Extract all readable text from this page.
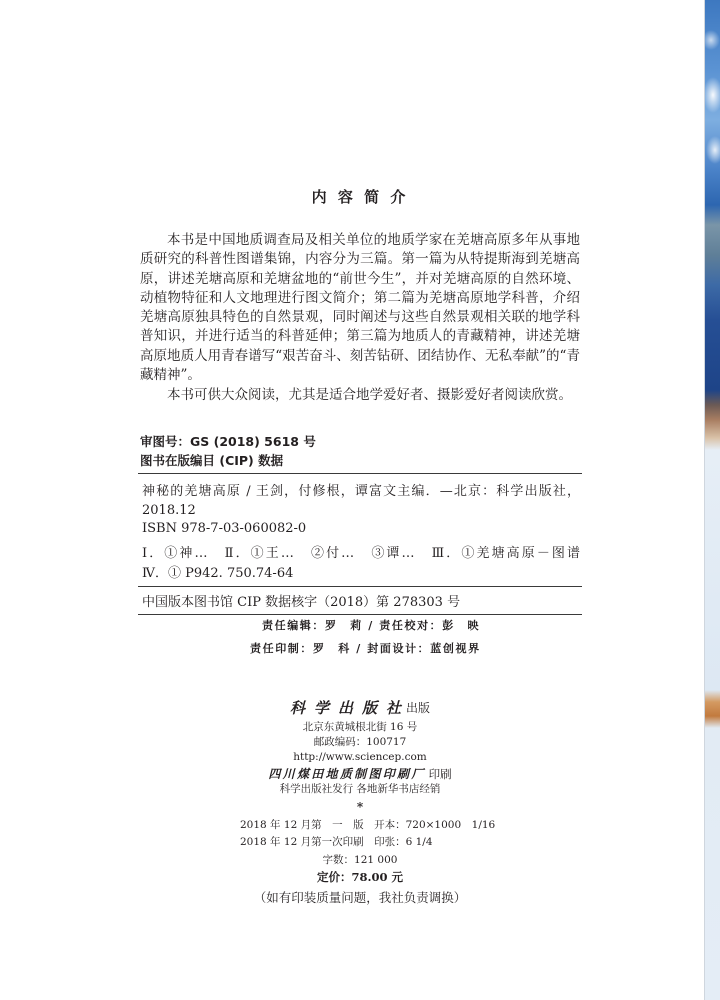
内 容 简 介
本书是中国地质调查局及相关单位的地质学家在羌塘高原多年从事地
质研究的科普性图谱集锦，内容分为三篇。第一篇为从特提斯海到羌塘高
原，讲述羌塘高原和羌塘盆地的“前世今生”，并对羌塘高原的自然环境、
动植物特征和人文地理进行图文简介；第二篇为羌塘高原地学科普，介绍
羌塘高原独具特色的自然景观，同时阐述与这些自然景观相关联的地学科
普知识，并进行适当的科普延伸；第三篇为地质人的青藏精神，讲述羌塘
高原地质人用青春谱写“艰苦奋斗、刻苦钻研、团结协作、无私奉献”的“青
藏精神”。
本书可供大众阅读，尤其是适合地学爱好者、摄影爱好者阅读欣赏。
审图号：GS (2018) 5618 号
图书在版编目 (CIP) 数据
神秘的羌塘高原 / 王剑，付修根，谭富文主编．—北京：科学出版社，
2018.12
ISBN 978-7-03-060082-0
Ⅰ．①神…　Ⅱ．①王…　②付…　③谭…　Ⅲ．①羌塘高原－图谱
Ⅳ．① P942. 750.74-64
中国版本图书馆 CIP 数据核字（2018）第 278303 号
责任编辑：罗　莉 / 责任校对：彭　映
责任印制：罗　科 / 封面设计：蓝创视界
科学出版社
出版
北京东黄城根北街 16 号
邮政编码：100717
http://www.sciencep.com
四川煤田地质制图印刷厂 印刷
科学出版社发行 各地新华书店经销
*
2018 年 12 月第　一　版　开本：720×1000　1/16
2018 年 12 月第一次印刷　印张：6 1/4
字数：121 000
定价：78.00 元
（如有印装质量问题，我社负责调换）
